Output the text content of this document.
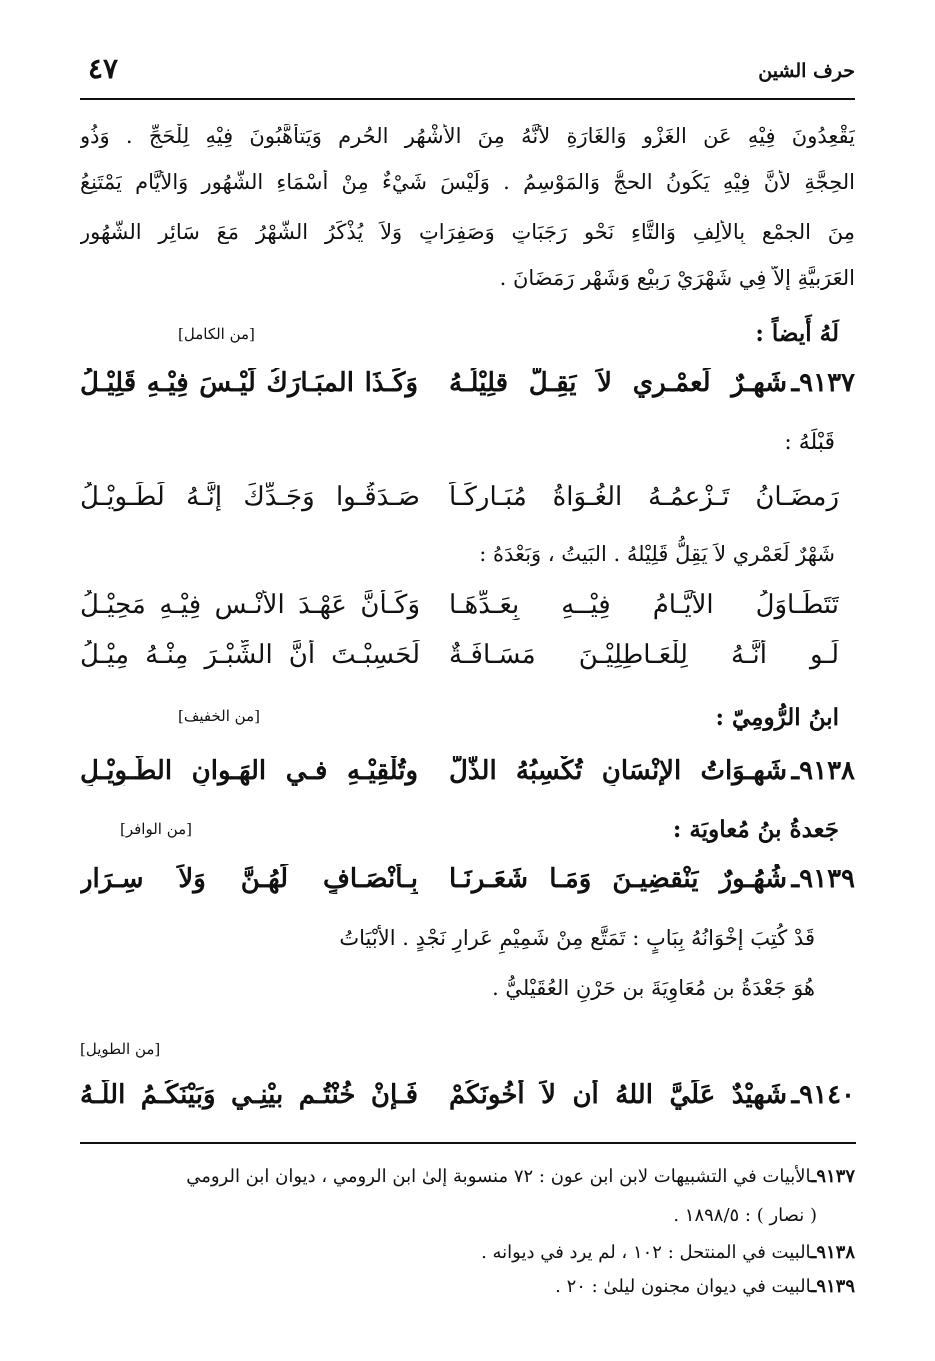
حرف الشين
٤٧
يَقْعِدُونَ فِيْهِ عَنِ الغَزْوِ وَالغَارَةِ لأنَّهُ مِنَ الأشْهُرِ الحُرم وَيَتأهَّبُونَ فِيْهِ لِلْحَجِّ . وَذُو
الحِجَّةِ لأنَّ فِيْهِ يَكُونُ الحجُّ وَالمَوْسِمُ . وَلَيْسَ شَيْءٌ مِنْ أَسْمَاءِ الشُّهُور وَالأيَّام يَمْتَنِعُ
مِنَ الجمْعِ بِالألِفِ وَالتَّاءِ نَحْو رَجَبَاتٍ وَصَفِرَاتٍ وَلاَ يُذْكَرُ الشَّهْرُ مَعَ سَائِرِ الشُّهُور
العَرَبيَّةِ إلاَّ فِي شَهْرَيْ رَبِيْعٍ وَشَهْرِ رَمَضَانَ .
لَهُ أَيضاً :
[من الكامل]
٩١٣٧ـ
شَهـرٌ لَعمْـرِي لاَ يَقِـلُّ قلِيْلُـهُ
وَكَـذَا المبَـارَكُ لَيْـسَ فِيْـهِ قَلِيْـلُ
قَبْلَهُ :
رَمضَـانُ تَـزْعمُـهُ الغُـوَاةُ مُبَـارِكَـاً
صَـدَقُـوا وَجَـدِّكَ إنَّـهُ لَطَـوِيْـلُ
شَهْرٌ لَعَمْري لاَ يَقِلُّ قَلِيْلهُ . البَيتُ ، وَبَعْدَهُ :
تَتَطَـاوَلُ الأيَّـامُ فِيْــهِ بِعَـدِّهَـا
وَكَـأنَّ عَهْـدَ الأُنْـسِ فِيْـهِ مَحِيْـلُ
لَـو أنَّـهُ لِلْعَـاطِلِيْـنَ مَسَـافَـةٌ
لَحَسِبْـتَ أنَّ الشِّبْـرَ مِنْـهُ مِيْـلُ
ابنُ الرُّومِيّ :
[من الخفيف]
٩١٣٨ـ
شَهـوَاتُ الإنْسَانِ تُكْسِبُهُ الذُّلَّ
وتُلْقِيْـهِ فـي الهَـوانِ الطَّـوِيْـلِ
جَعدةُ بنُ مُعاويَة :
[من الوافر]
٩١٣٩ـ
شُهُـورٌ يَنْقضِيـنَ وَمَـا شَعَـرنَـا
بِـأَنْصَـافٍ لَهُـنَّ وَلاَ سِـرَارِ
قَدْ كُتِبَ إخْوَانُهُ بِبَابٍ : تَمَتَّع مِنْ شَمِيْمِ عَرارِ نَجْدٍ . الأبْيَاتُ
هُوَ جَعْدَةُ بن مُعَاوِيَةَ بن حَرْنِ العُقَيْليُّ .
[من الطويل]
٩١٤٠ـ
شَهِيْدٌ عَلَيَّ اللهُ أَن لاَ أَخُونَكُمْ
فَـإنْ خُنْتُـم بيْنِـي وَبَيْنَكُـمُ اللّـهُ
٩١٣٧ـالأبيات في التشبيهات لابن ابن عون : ٧٢ منسوبة إلىٰ ابن الرومي ، ديوان ابن الرومي
( نصار ) : ١٨٩٨/٥ .
٩١٣٨ـالبيت في المنتحل : ١٠٢ ، لم يرد في ديوانه .
٩١٣٩ـالبيت في ديوان مجنون ليلىٰ : ٢٠ .
